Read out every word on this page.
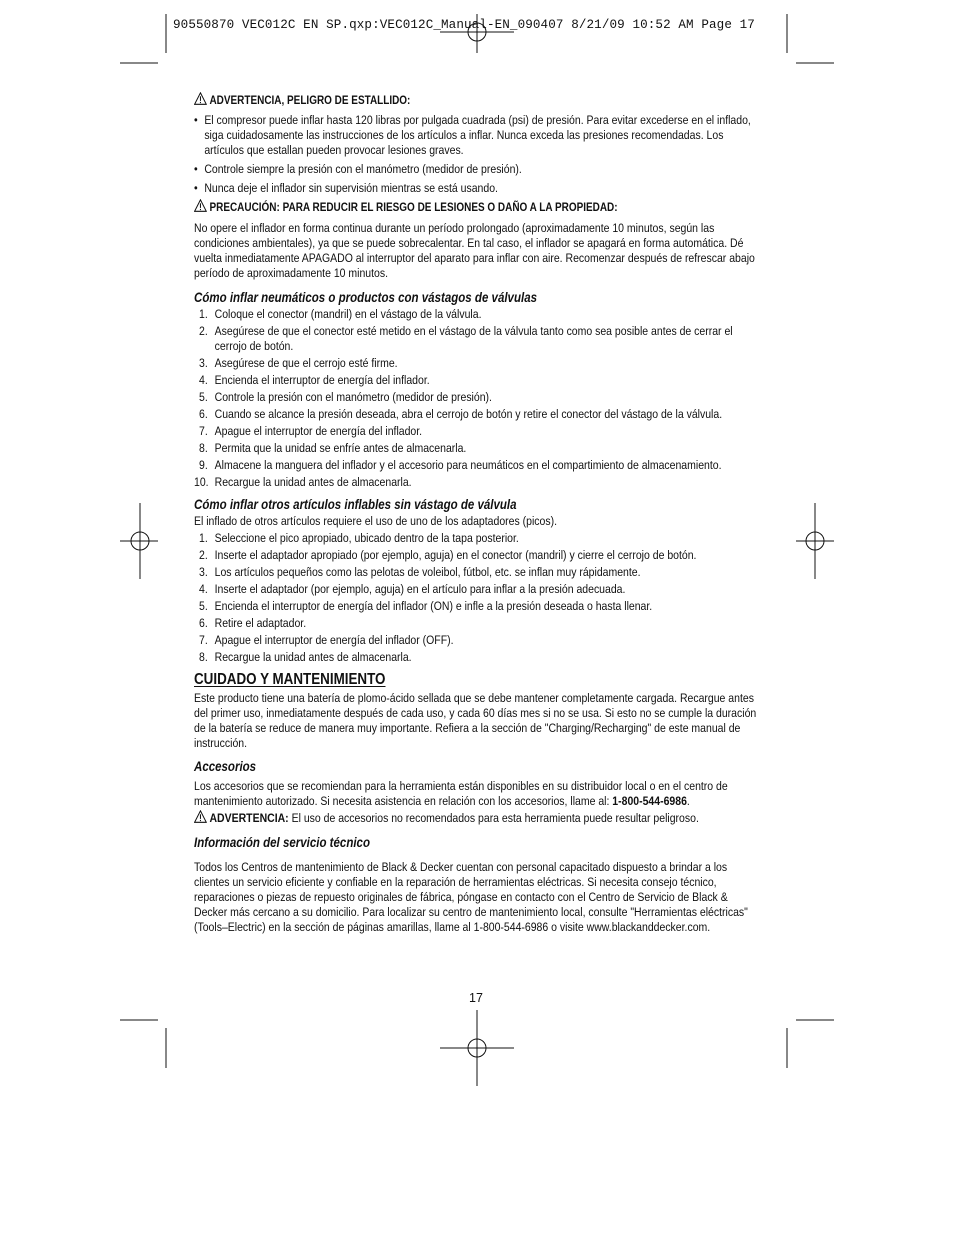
90550870 VEC012C EN SP.qxp:VEC012C_Manual-EN_090407 8/21/09 10:52 AM Page 17
ADVERTENCIA, PELIGRO DE ESTALLIDO:
• El compresor puede inflar hasta 120 libras por pulgada cuadrada (psi) de presión. Para evitar excederse en el inflado, siga cuidadosamente las instrucciones de los artículos a inflar. Nunca exceda las presiones recomendadas. Los artículos que estallan pueden provocar lesiones graves.
• Controle siempre la presión con el manómetro (medidor de presión).
• Nunca deje el inflador sin supervisión mientras se está usando.
PRECAUCIÓN: PARA REDUCIR EL RIESGO DE LESIONES O DAÑO A LA PROPIEDAD:

No opere el inflador en forma continua durante un período prolongado (aproximadamente 10 minutos, según las condiciones ambientales), ya que se puede sobrecalentar. En tal caso, el inflador se apagará en forma automática. Dé vuelta inmediatamente APAGADO al interruptor del aparato para inflar con aire. Recomenzar después de refrescar abajo período de aproximadamente 10 minutos.

Cómo inflar neumáticos o productos con vástagos de válvulas

1. Coloque el conector (mandril) en el vástago de la válvula.
2. Asegúrese de que el conector esté metido en el vástago de la válvula tanto como sea posible antes de cerrar el cerrojo de botón.
3. Asegúrese de que el cerrojo esté firme.
4. Encienda el interruptor de energía del inflador.
5. Controle la presión con el manómetro (medidor de presión).
6. Cuando se alcance la presión deseada, abra el cerrojo de botón y retire el conector del vástago de la válvula.
7. Apague el interruptor de energía del inflador.
8. Permita que la unidad se enfríe antes de almacenarla.
9. Almacene la manguera del inflador y el accesorio para neumáticos en el compartimiento de almacenamiento.
10. Recargue la unidad antes de almacenarla.

Cómo inflar otros artículos inflables sin vástago de válvula

El inflado de otros artículos requiere el uso de uno de los adaptadores (picos).

1. Seleccione el pico apropiado, ubicado dentro de la tapa posterior.
2. Inserte el adaptador apropiado (por ejemplo, aguja) en el conector (mandril) y cierre el cerrojo de botón.
3. Los artículos pequeños como las pelotas de voleibol, fútbol, etc. se inflan muy rápidamente.
4. Inserte el adaptador (por ejemplo, aguja) en el artículo para inflar a la presión adecuada.
5. Encienda el interruptor de energía del inflador (ON) e infle a la presión deseada o hasta llenar.
6. Retire el adaptador.
7. Apague el interruptor de energía del inflador (OFF).
8. Recargue la unidad antes de almacenarla.

CUIDADO Y MANTENIMIENTO

Este producto tiene una batería de plomo-ácido sellada que se debe mantener completamente cargada. Recargue antes del primer uso, inmediatamente después de cada uso, y cada 60 días mes si no se usa. Si esto no se cumple la duración de la batería se reduce de manera muy importante. Refiera a la sección de "Charging/Recharging" de este manual de instrucción.

Accesorios

Los accesorios que se recomiendan para la herramienta están disponibles en su distribuidor local o en el centro de mantenimiento autorizado. Si necesita asistencia en relación con los accesorios, llame al: 1-800-544-6986.

ADVERTENCIA: El uso de accesorios no recomendados para esta herramienta puede resultar peligroso.

Información del servicio técnico

Todos los Centros de mantenimiento de Black & Decker cuentan con personal capacitado dispuesto a brindar a los clientes un servicio eficiente y confiable en la reparación de herramientas eléctricas. Si necesita consejo técnico, reparaciones o piezas de repuesto originales de fábrica, póngase en contacto con el Centro de Servicio de Black & Decker más cercano a su domicilio. Para localizar su centro de mantenimiento local, consulte "Herramientas eléctricas" (Tools–Electric) en la sección de páginas amarillas, llame al 1-800-544-6986 o visite www.blackanddecker.com.

17
